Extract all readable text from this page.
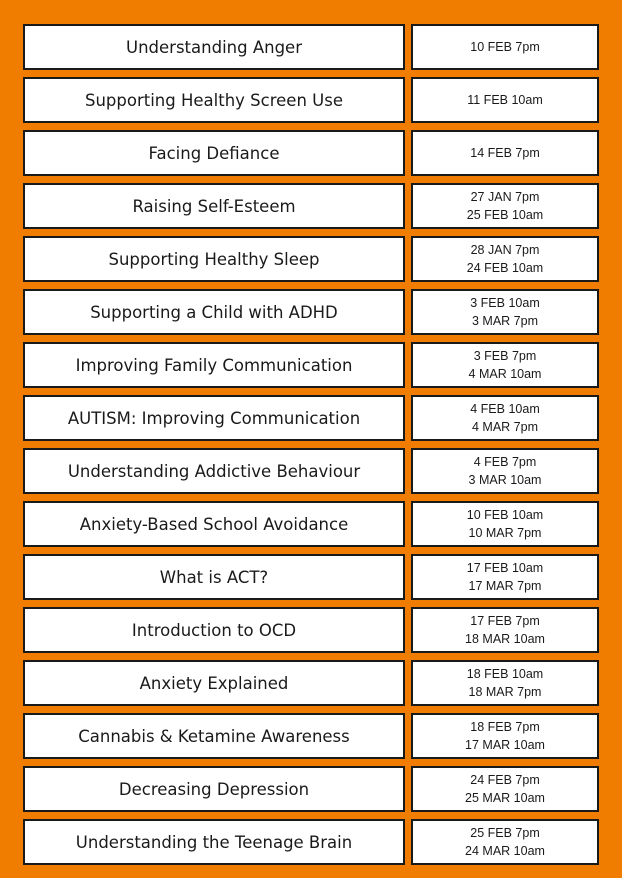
Understanding Anger	10 FEB 7pm
Supporting Healthy Screen Use	11 FEB 10am
Facing Defiance	14 FEB 7pm
Raising Self-Esteem	27 JAN 7pm
25 FEB 10am
Supporting Healthy Sleep	28 JAN 7pm
24 FEB 10am
Supporting a Child with ADHD	3 FEB 10am
3 MAR 7pm
Improving Family Communication	3 FEB 7pm
4 MAR 10am
AUTISM: Improving Communication	4 FEB 10am
4 MAR 7pm
Understanding Addictive Behaviour	4 FEB 7pm
3 MAR 10am
Anxiety-Based School Avoidance	10 FEB 10am
10 MAR 7pm
What is ACT?	17 FEB 10am
17 MAR 7pm
Introduction to OCD	17 FEB 7pm
18 MAR 10am
Anxiety Explained	18 FEB 10am
18 MAR 7pm
Cannabis & Ketamine Awareness	18 FEB 7pm
17 MAR 10am
Decreasing Depression	24 FEB 7pm
25 MAR 10am
Understanding the Teenage Brain	25 FEB 7pm
24 MAR 10am
